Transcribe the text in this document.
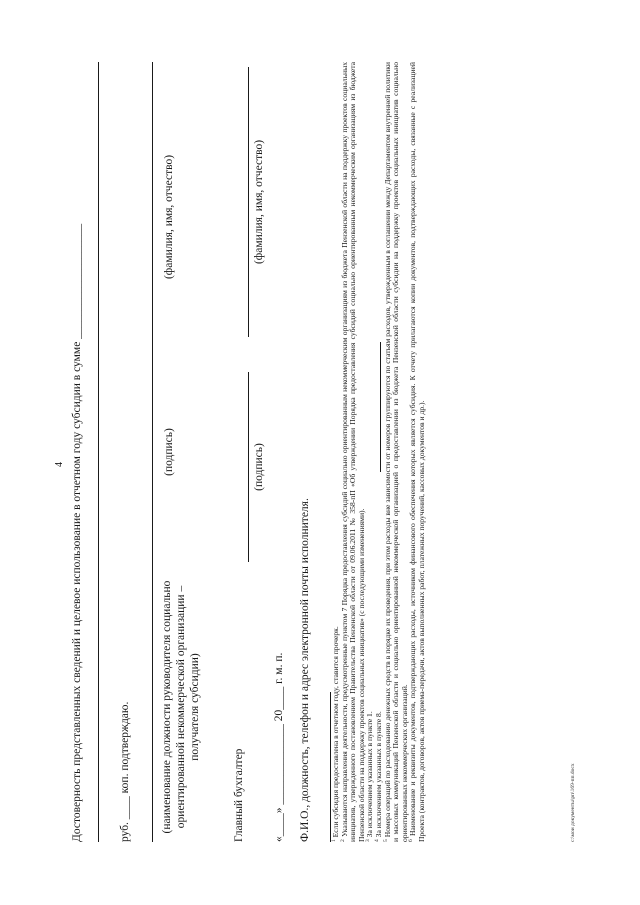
4 Достоверность представленных сведений и целевое использование в отчетном году субсидии в сумме ____________________	руб. ____ коп. подтверждаю.	(наименование должности руководителя социально ориентированной некоммерческой организации – получателя субсидии)
(подпись)
(фамилия, имя, отчество)
Главный бухгалтер
(подпись)
(фамилия, имя, отчество)
«____» ______________ 20____ г. м. п. Ф.И.О., должность, телефон и адрес электронной почты исполнителя.	$^1$ Если субсидия предоставлена в отчетном году, ставится прочерк.

$^2$ Указываются направления деятельности, предусмотренные пунктом 7 Порядка предоставления субсидий социально ориентированным некоммерческим организациям из бюджета Пензенской области на поддержку проектов социальных инициатив, утвержденного постановлением Правительства Пензенской области от 09.06.2011 № 358-пП «Об утверждении Порядка предоставления субсидий социально ориентированным некоммерческим организациям из бюджета Пензенской области на поддержку проектов социальных инициатив» (с последующими изменениями). $^3$ За исключением указанных в пункте 1.

$^4$ За исключением указанных в пункте 8.

$^5$ Номера операций по расходованию денежных средств в порядке их проведения, при этом расходы вне зависимости от номеров группируются по статьям расходов, утвержденным в соглашении между Департаментом внутренней политики и массовых коммуникаций Пензенской области и социально ориентированной некоммерческой организацией о предоставлении из бюджета Пензенской области субсидии на поддержку проектов социальных инициатив социально ориентированных некоммерческих организаций. $^6$ Наименование и реквизиты документов, подтверждающих расходы, источником финансового обеспечения которых является субсидия. К отчету прилагаются копии документов, подтверждающих расходы, связанные с реализацией Проекта (контрактов, договоров, актов приема-передачи, актов выполненных работ, платежных поручений, кассовых документов и др.).	c:\мои документы\рп\169-пп.docx
